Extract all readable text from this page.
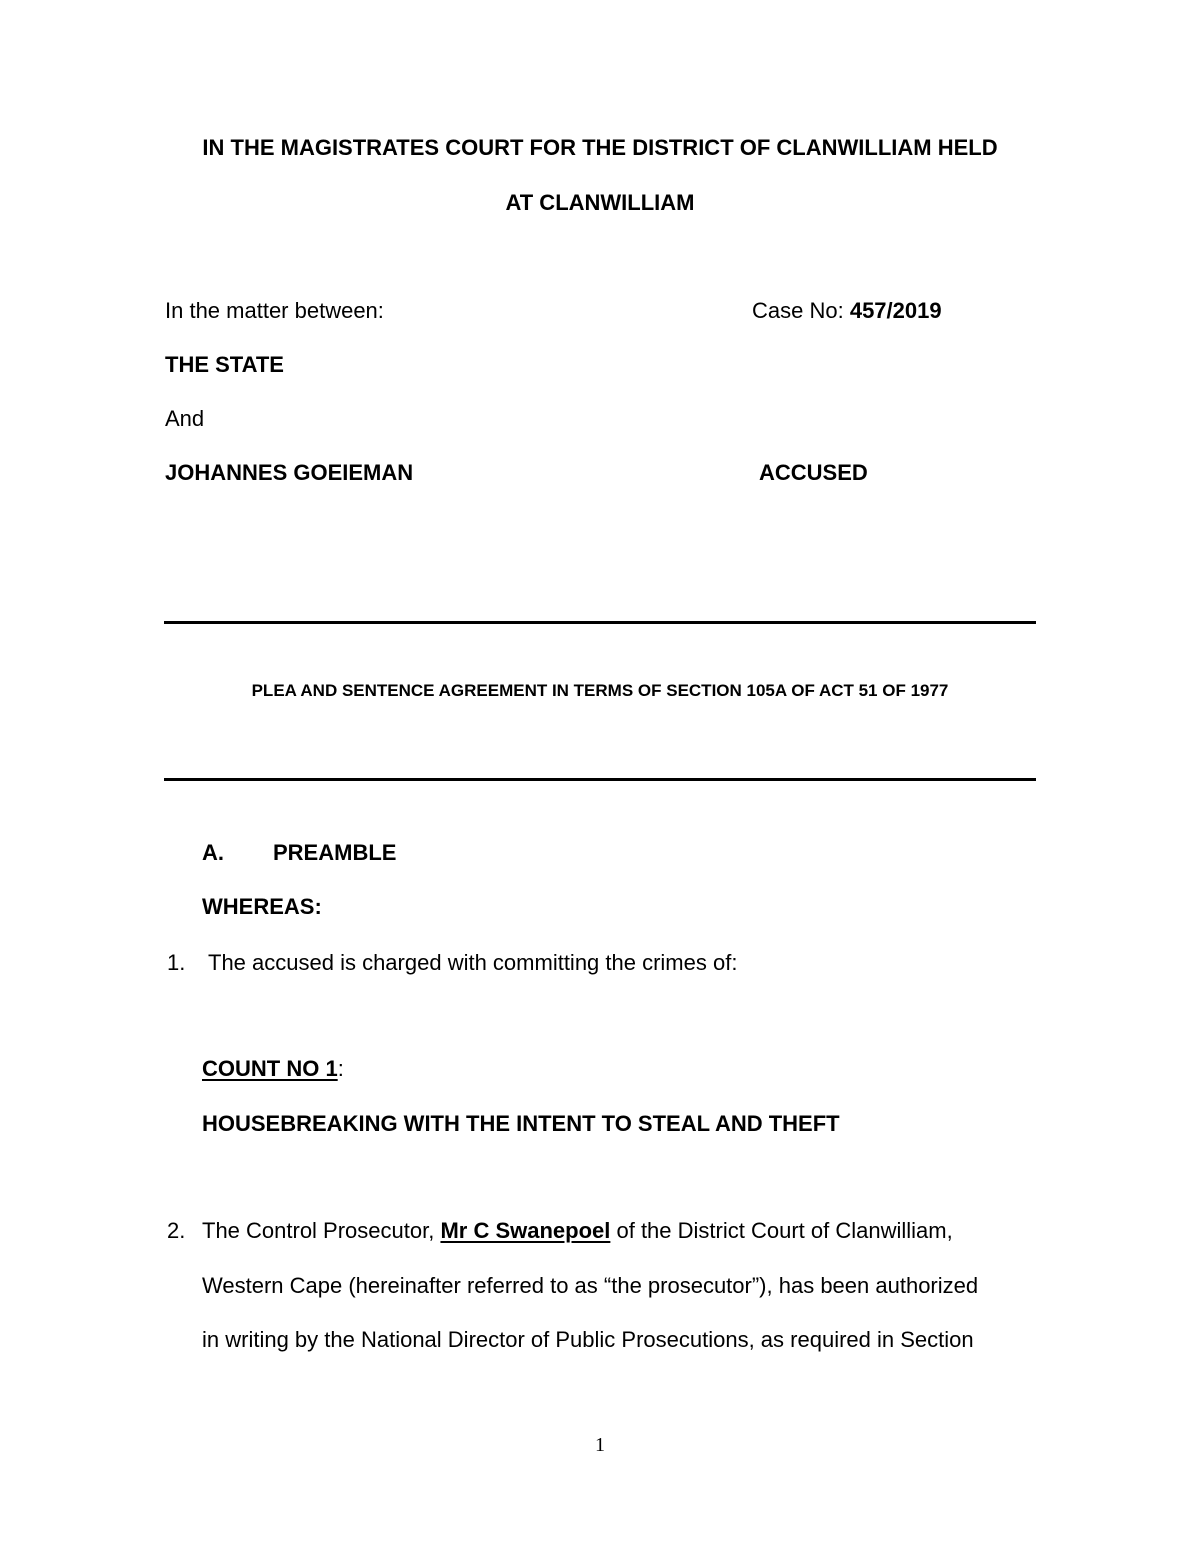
IN THE MAGISTRATES COURT FOR THE DISTRICT OF CLANWILLIAM HELD
AT CLANWILLIAM
In the matter between:	Case No: 457/2019
THE STATE
And
JOHANNES GOEIEMAN	ACCUSED
PLEA AND SENTENCE AGREEMENT IN TERMS OF SECTION 105A OF ACT 51 OF 1977
A. PREAMBLE
WHEREAS:
1. The accused is charged with committing the crimes of:
COUNT NO 1:
HOUSEBREAKING WITH THE INTENT TO STEAL AND THEFT
2. The Control Prosecutor, Mr C Swanepoel of the District Court of Clanwilliam,
Western Cape (hereinafter referred to as “the prosecutor”), has been authorized
in writing by the National Director of Public Prosecutions, as required in Section
1
